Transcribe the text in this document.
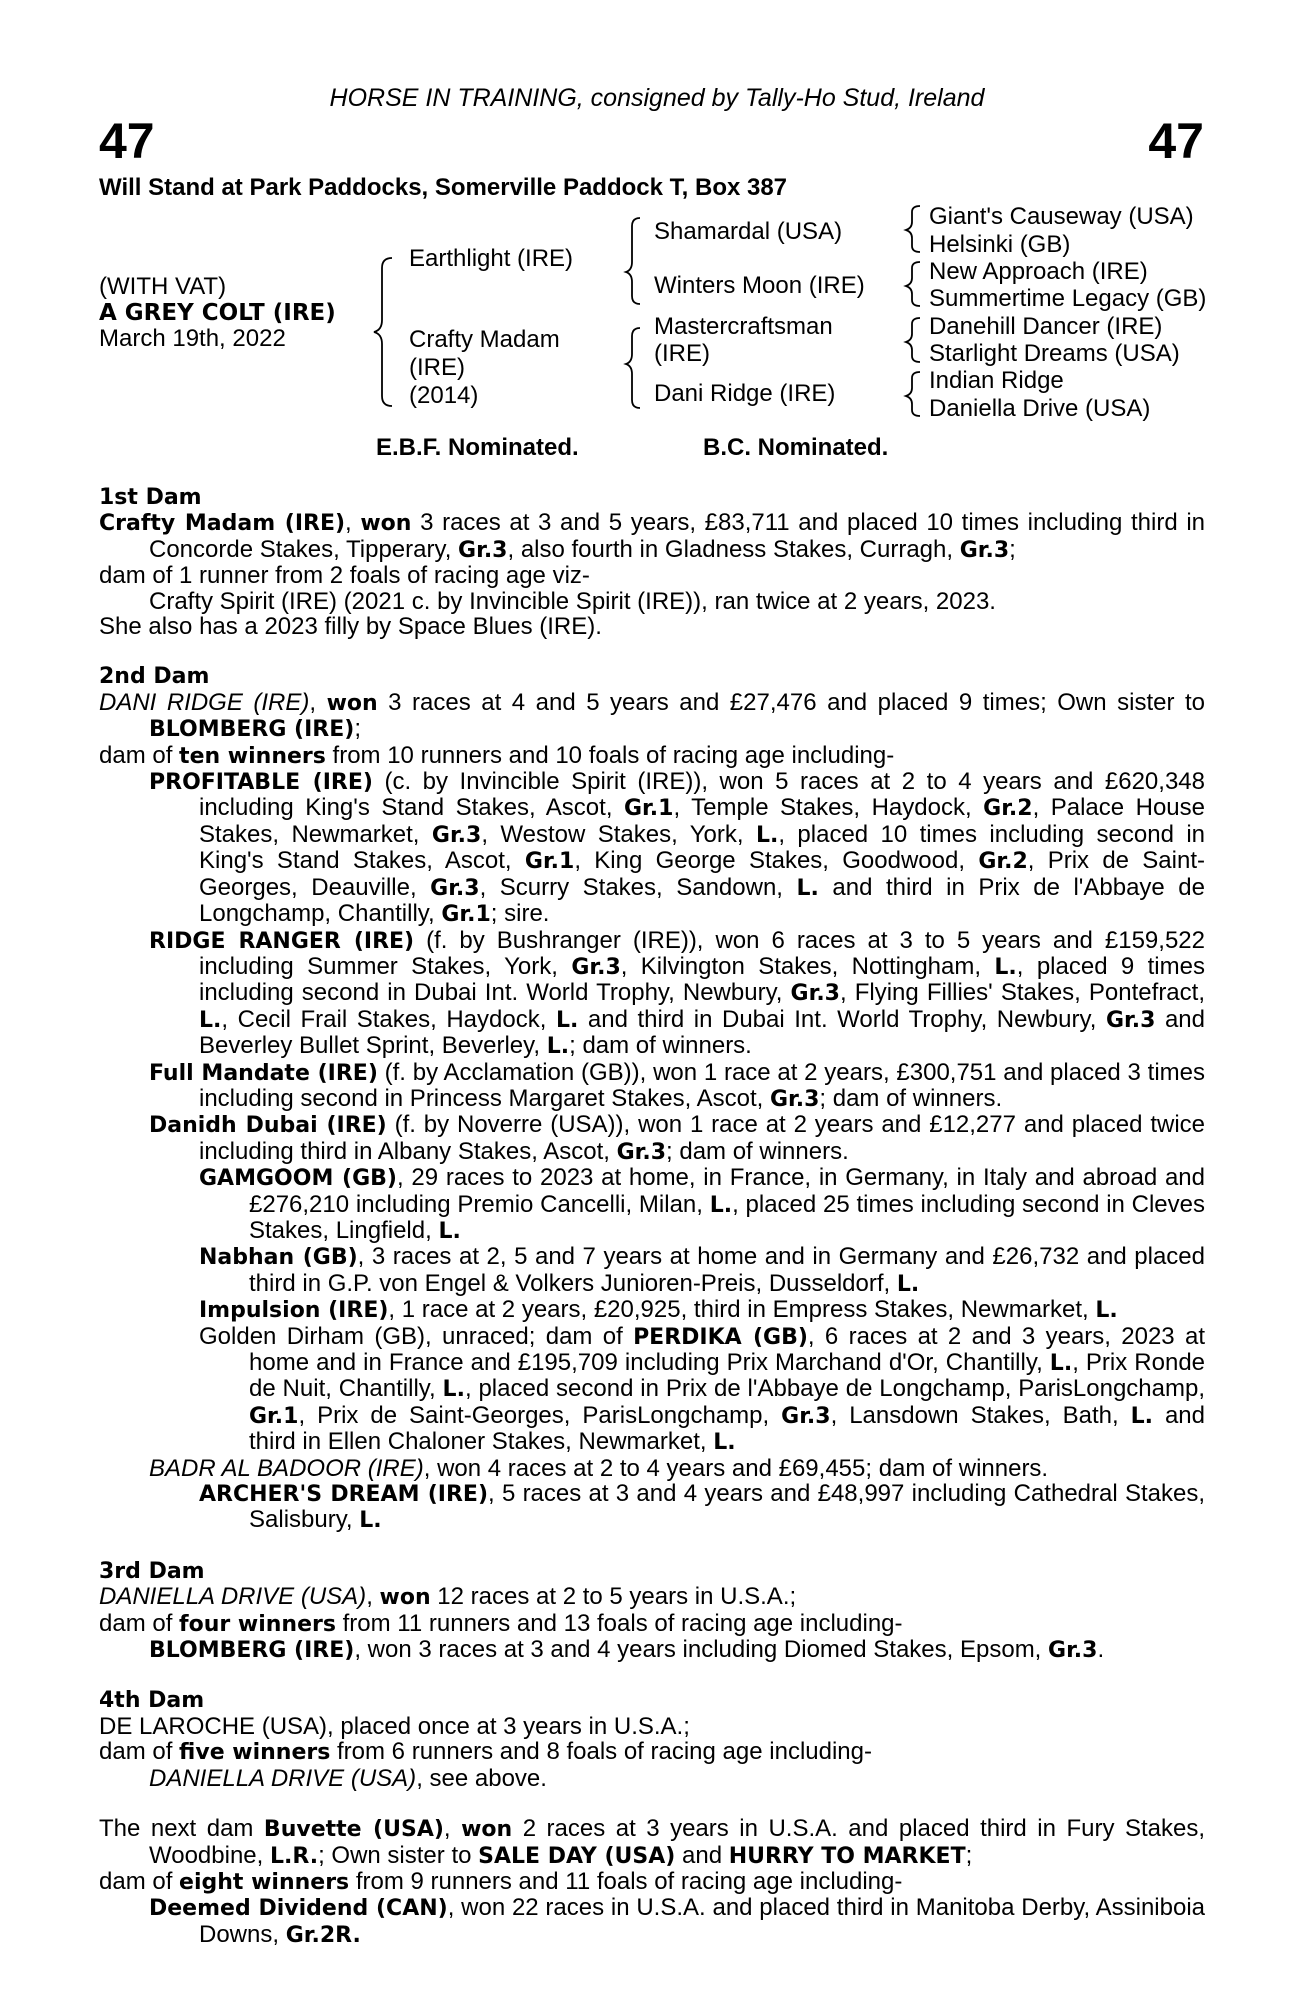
HORSE IN TRAINING, consigned by Tally-Ho Stud, Ireland
47	47
Will Stand at Park Paddocks, Somerville Paddock T, Box 387
(WITH VAT)
A GREY COLT (IRE)
March 19th, 2022
Earthlight (IRE)
Crafty Madam
(IRE)
(2014)
Shamardal (USA)
Winters Moon (IRE)
Mastercraftsman
(IRE)
Dani Ridge (IRE)
Giant's Causeway (USA)
Helsinki (GB)
New Approach (IRE)
Summertime Legacy (GB)
Danehill Dancer (IRE)
Starlight Dreams (USA)
Indian Ridge
Daniella Drive (USA)
E.B.F. Nominated.	B.C. Nominated.
1st Dam
Crafty Madam (IRE), won 3 races at 3 and 5 years, £83,711 and placed 10 times including third in Concorde Stakes, Tipperary, Gr.3, also fourth in Gladness Stakes, Curragh, Gr.3;
dam of 1 runner from 2 foals of racing age viz-
Crafty Spirit (IRE) (2021 c. by Invincible Spirit (IRE)), ran twice at 2 years, 2023.
She also has a 2023 filly by Space Blues (IRE).
2nd Dam
DANI RIDGE (IRE), won 3 races at 4 and 5 years and £27,476 and placed 9 times; Own sister to BLOMBERG (IRE);
dam of ten winners from 10 runners and 10 foals of racing age including-
PROFITABLE (IRE) (c. by Invincible Spirit (IRE)), won 5 races at 2 to 4 years and £620,348 including King's Stand Stakes, Ascot, Gr.1, Temple Stakes, Haydock, Gr.2, Palace House Stakes, Newmarket, Gr.3, Westow Stakes, York, L., placed 10 times including second in King's Stand Stakes, Ascot, Gr.1, King George Stakes, Goodwood, Gr.2, Prix de Saint-Georges, Deauville, Gr.3, Scurry Stakes, Sandown, L. and third in Prix de l'Abbaye de Longchamp, Chantilly, Gr.1; sire.
RIDGE RANGER (IRE) (f. by Bushranger (IRE)), won 6 races at 3 to 5 years and £159,522 including Summer Stakes, York, Gr.3, Kilvington Stakes, Nottingham, L., placed 9 times including second in Dubai Int. World Trophy, Newbury, Gr.3, Flying Fillies' Stakes, Pontefract, L., Cecil Frail Stakes, Haydock, L. and third in Dubai Int. World Trophy, Newbury, Gr.3 and Beverley Bullet Sprint, Beverley, L.; dam of winners.
Full Mandate (IRE) (f. by Acclamation (GB)), won 1 race at 2 years, £300,751 and placed 3 times including second in Princess Margaret Stakes, Ascot, Gr.3; dam of winners.
Danidh Dubai (IRE) (f. by Noverre (USA)), won 1 race at 2 years and £12,277 and placed twice including third in Albany Stakes, Ascot, Gr.3; dam of winners.
GAMGOOM (GB), 29 races to 2023 at home, in France, in Germany, in Italy and abroad and £276,210 including Premio Cancelli, Milan, L., placed 25 times including second in Cleves Stakes, Lingfield, L.
Nabhan (GB), 3 races at 2, 5 and 7 years at home and in Germany and £26,732 and placed third in G.P. von Engel & Volkers Junioren-Preis, Dusseldorf, L.
Impulsion (IRE), 1 race at 2 years, £20,925, third in Empress Stakes, Newmarket, L.
Golden Dirham (GB), unraced; dam of PERDIKA (GB), 6 races at 2 and 3 years, 2023 at home and in France and £195,709 including Prix Marchand d'Or, Chantilly, L., Prix Ronde de Nuit, Chantilly, L., placed second in Prix de l'Abbaye de Longchamp, ParisLongchamp, Gr.1, Prix de Saint-Georges, ParisLongchamp, Gr.3, Lansdown Stakes, Bath, L. and third in Ellen Chaloner Stakes, Newmarket, L.
BADR AL BADOOR (IRE), won 4 races at 2 to 4 years and £69,455; dam of winners.
ARCHER'S DREAM (IRE), 5 races at 3 and 4 years and £48,997 including Cathedral Stakes, Salisbury, L.
3rd Dam
DANIELLA DRIVE (USA), won 12 races at 2 to 5 years in U.S.A.;
dam of four winners from 11 runners and 13 foals of racing age including-
BLOMBERG (IRE), won 3 races at 3 and 4 years including Diomed Stakes, Epsom, Gr.3.
4th Dam
DE LAROCHE (USA), placed once at 3 years in U.S.A.;
dam of five winners from 6 runners and 8 foals of racing age including-
DANIELLA DRIVE (USA), see above.
The next dam Buvette (USA), won 2 races at 3 years in U.S.A. and placed third in Fury Stakes, Woodbine, L.R.; Own sister to SALE DAY (USA) and HURRY TO MARKET;
dam of eight winners from 9 runners and 11 foals of racing age including-
Deemed Dividend (CAN), won 22 races in U.S.A. and placed third in Manitoba Derby, Assiniboia Downs, Gr.2R.
